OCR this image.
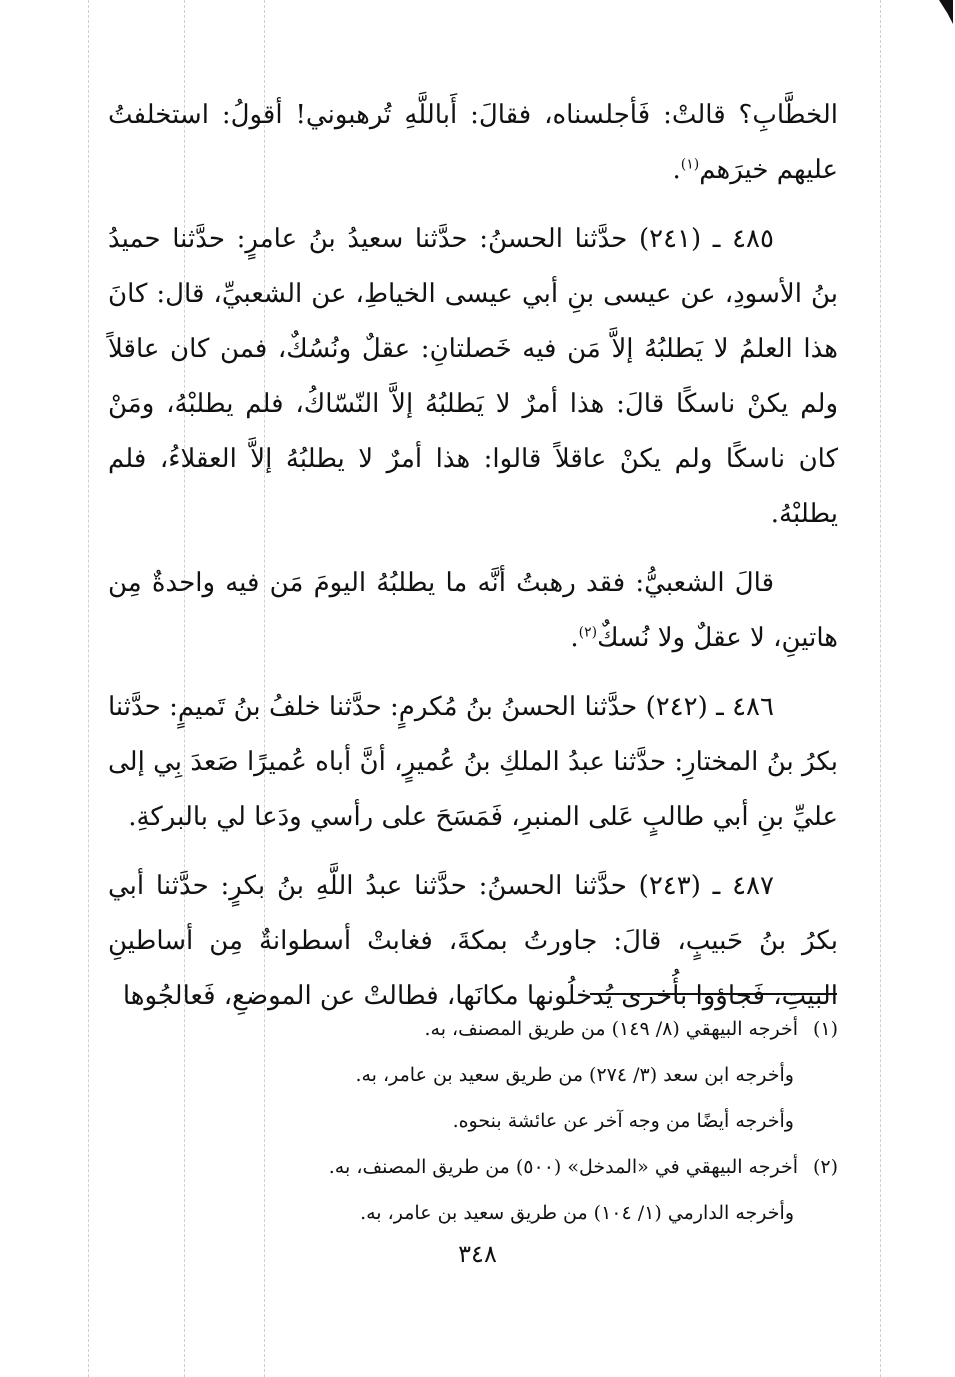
الخطَّابِ؟ قالتْ: فَأجلسناه، فقالَ: أَباللَّهِ تُرهبوني! أقولُ: استخلفتُ عليهم خيرَهم$^{(١)}$.

٤٨٥ ـ (٢٤١) حدَّثنا الحسنُ: حدَّثنا سعيدُ بنُ عامرٍ: حدَّثنا حميدُ بنُ الأسودِ، عن عيسى بنِ أبي عيسى الخياطِ، عن الشعبيِّ، قال: كانَ هذا العلمُ لا يَطلبُهُ إلاَّ مَن فيه خَصلتانِ: عقلٌ ونُسُكٌ، فمن كان عاقلاً ولم يكنْ ناسكًا قالَ: هذا أمرٌ لا يَطلبُهُ إلاَّ النّسّاكُ، فلم يطلبْهُ، ومَنْ كان ناسكًا ولم يكنْ عاقلاً قالوا: هذا أمرٌ لا يطلبُهُ إلاَّ العقلاءُ، فلم يطلبْهُ.

قالَ الشعبيُّ: فقد رهبتُ أنَّه ما يطلبُهُ اليومَ مَن فيه واحدةٌ مِن هاتينِ، لا عقلٌ ولا نُسكٌ$^{(٢)}$.

٤٨٦ ـ (٢٤٢) حدَّثنا الحسنُ بنُ مُكرمٍ: حدَّثنا خلفُ بنُ تَميمٍ: حدَّثنا بكرُ بنُ المختارِ: حدَّثنا عبدُ الملكِ بنُ عُميرٍ، أنَّ أباه عُميرًا صَعدَ بِي إلى عليِّ بنِ أبي طالبٍ عَلى المنبرِ، فَمَسَحَ على رأسي ودَعا لي بالبركةِ.

٤٨٧ ـ (٢٤٣) حدَّثنا الحسنُ: حدَّثنا عبدُ اللَّهِ بنُ بكرٍ: حدَّثنا أبي بكرُ بنُ حَبيبٍ، قالَ: جاورتُ بمكةَ، فغابتْ أسطوانةٌ مِن أساطينِ البيتِ، فَجاؤوا بأُخرى يُدخلُونها مكانَها، فطالتْ عن الموضعِ، فَعالجُوها

(١)أخرجه البيهقي (٨/ ١٤٩) من طريق المصنف، به.
وأخرجه ابن سعد (٣/ ٢٧٤) من طريق سعيد بن عامر، به.
وأخرجه أيضًا من وجه آخر عن عائشة بنحوه.
(٢)أخرجه البيهقي في «المدخل» (٥٠٠) من طريق المصنف، به.
وأخرجه الدارمي (١/ ١٠٤) من طريق سعيد بن عامر، به.
٣٤٨
